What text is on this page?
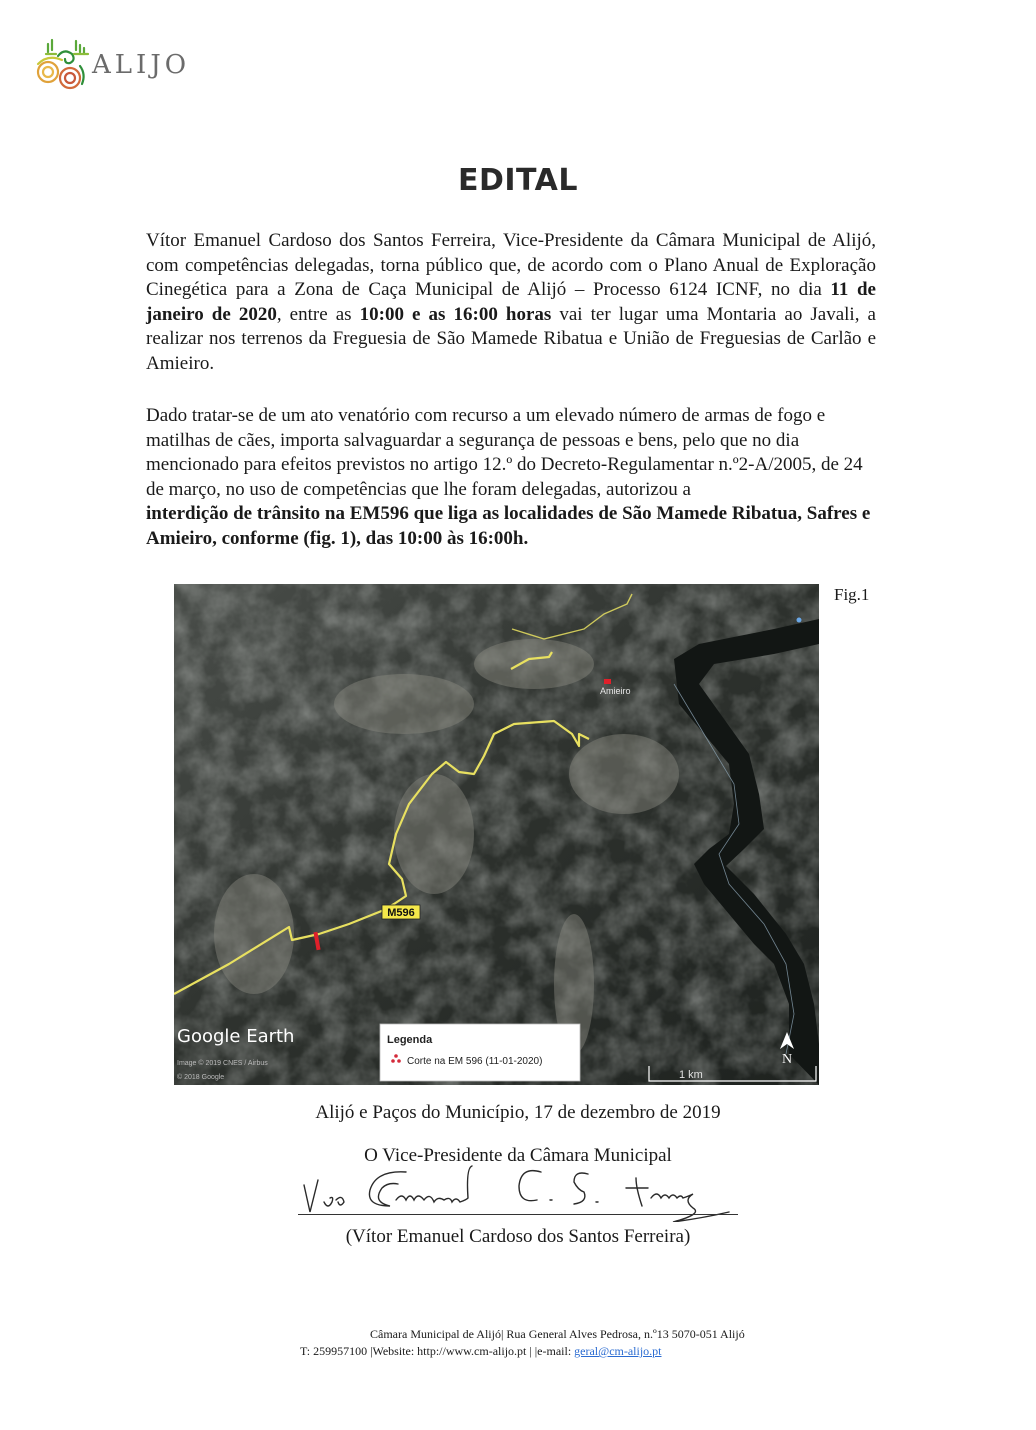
ALIJO
EDITAL
Vítor Emanuel Cardoso dos Santos Ferreira, Vice-Presidente da Câmara Municipal de Alijó, com competências delegadas, torna público que, de acordo com o Plano Anual de Exploração Cinegética para a Zona de Caça Municipal de Alijó – Processo 6124 ICNF, no dia 11 de janeiro de 2020, entre as 10:00 e as 16:00 horas vai ter lugar uma Montaria ao Javali, a realizar nos terrenos da Freguesia de São Mamede Ribatua e União de Freguesias de Carlão e Amieiro.
Dado tratar-se de um ato venatório com recurso a um elevado número de armas de fogo e matilhas de cães, importa salvaguardar a segurança de pessoas e bens, pelo que no dia mencionado para efeitos previstos no artigo 12.º do Decreto-Regulamentar n.º2-A/2005, de 24 de março, no uso de competências que lhe foram delegadas, autorizou a
interdição de trânsito na EM596 que liga as localidades de São Mamede Ribatua, Safres e Amieiro, conforme (fig. 1), das 10:00 às 16:00h.
Fig.1
M596
Amieiro
Google Earth
Image © 2019 CNES / Airbus
© 2018 Google
Legenda
Corte na EM 596 (11-01-2020)	N
1 km
Alijó e Paços do Município, 17 de dezembro de 2019
O Vice-Presidente da Câmara Municipal
(Vítor Emanuel Cardoso dos Santos Ferreira)
Câmara Municipal de Alijó| Rua General Alves Pedrosa, n.º13 5070-051 Alijó
T: 259957100 |Website: http://www.cm-alijo.pt | |e-mail: geral@cm-alijo.pt
